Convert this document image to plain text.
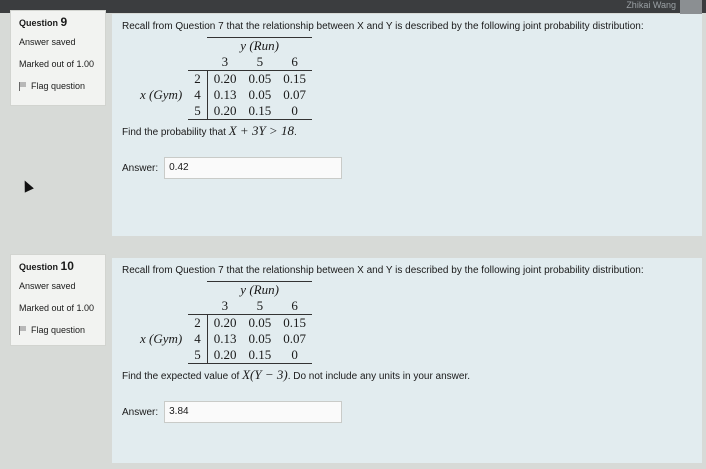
Zhikai Wang
Question 9
Answer saved
Marked out of 1.00
Flag question
Recall from Question 7 that the relationship between X and Y is described by the following joint probability distribution:
		y (Run)		
		3	5	6
	2	0.20	0.05	0.15
x (Gym)	4	0.13	0.05	0.07
	5	0.20	0.15	0
Find the probability that X + 3Y > 18.
Answer:	0.42
Question 10
Answer saved
Marked out of 1.00
Flag question
Recall from Question 7 that the relationship between X and Y is described by the following joint probability distribution:
		y (Run)		
		3	5	6
	2	0.20	0.05	0.15
x (Gym)	4	0.13	0.05	0.07
	5	0.20	0.15	0
Find the expected value of X(Y − 3). Do not include any units in your answer.
Answer:	3.84
